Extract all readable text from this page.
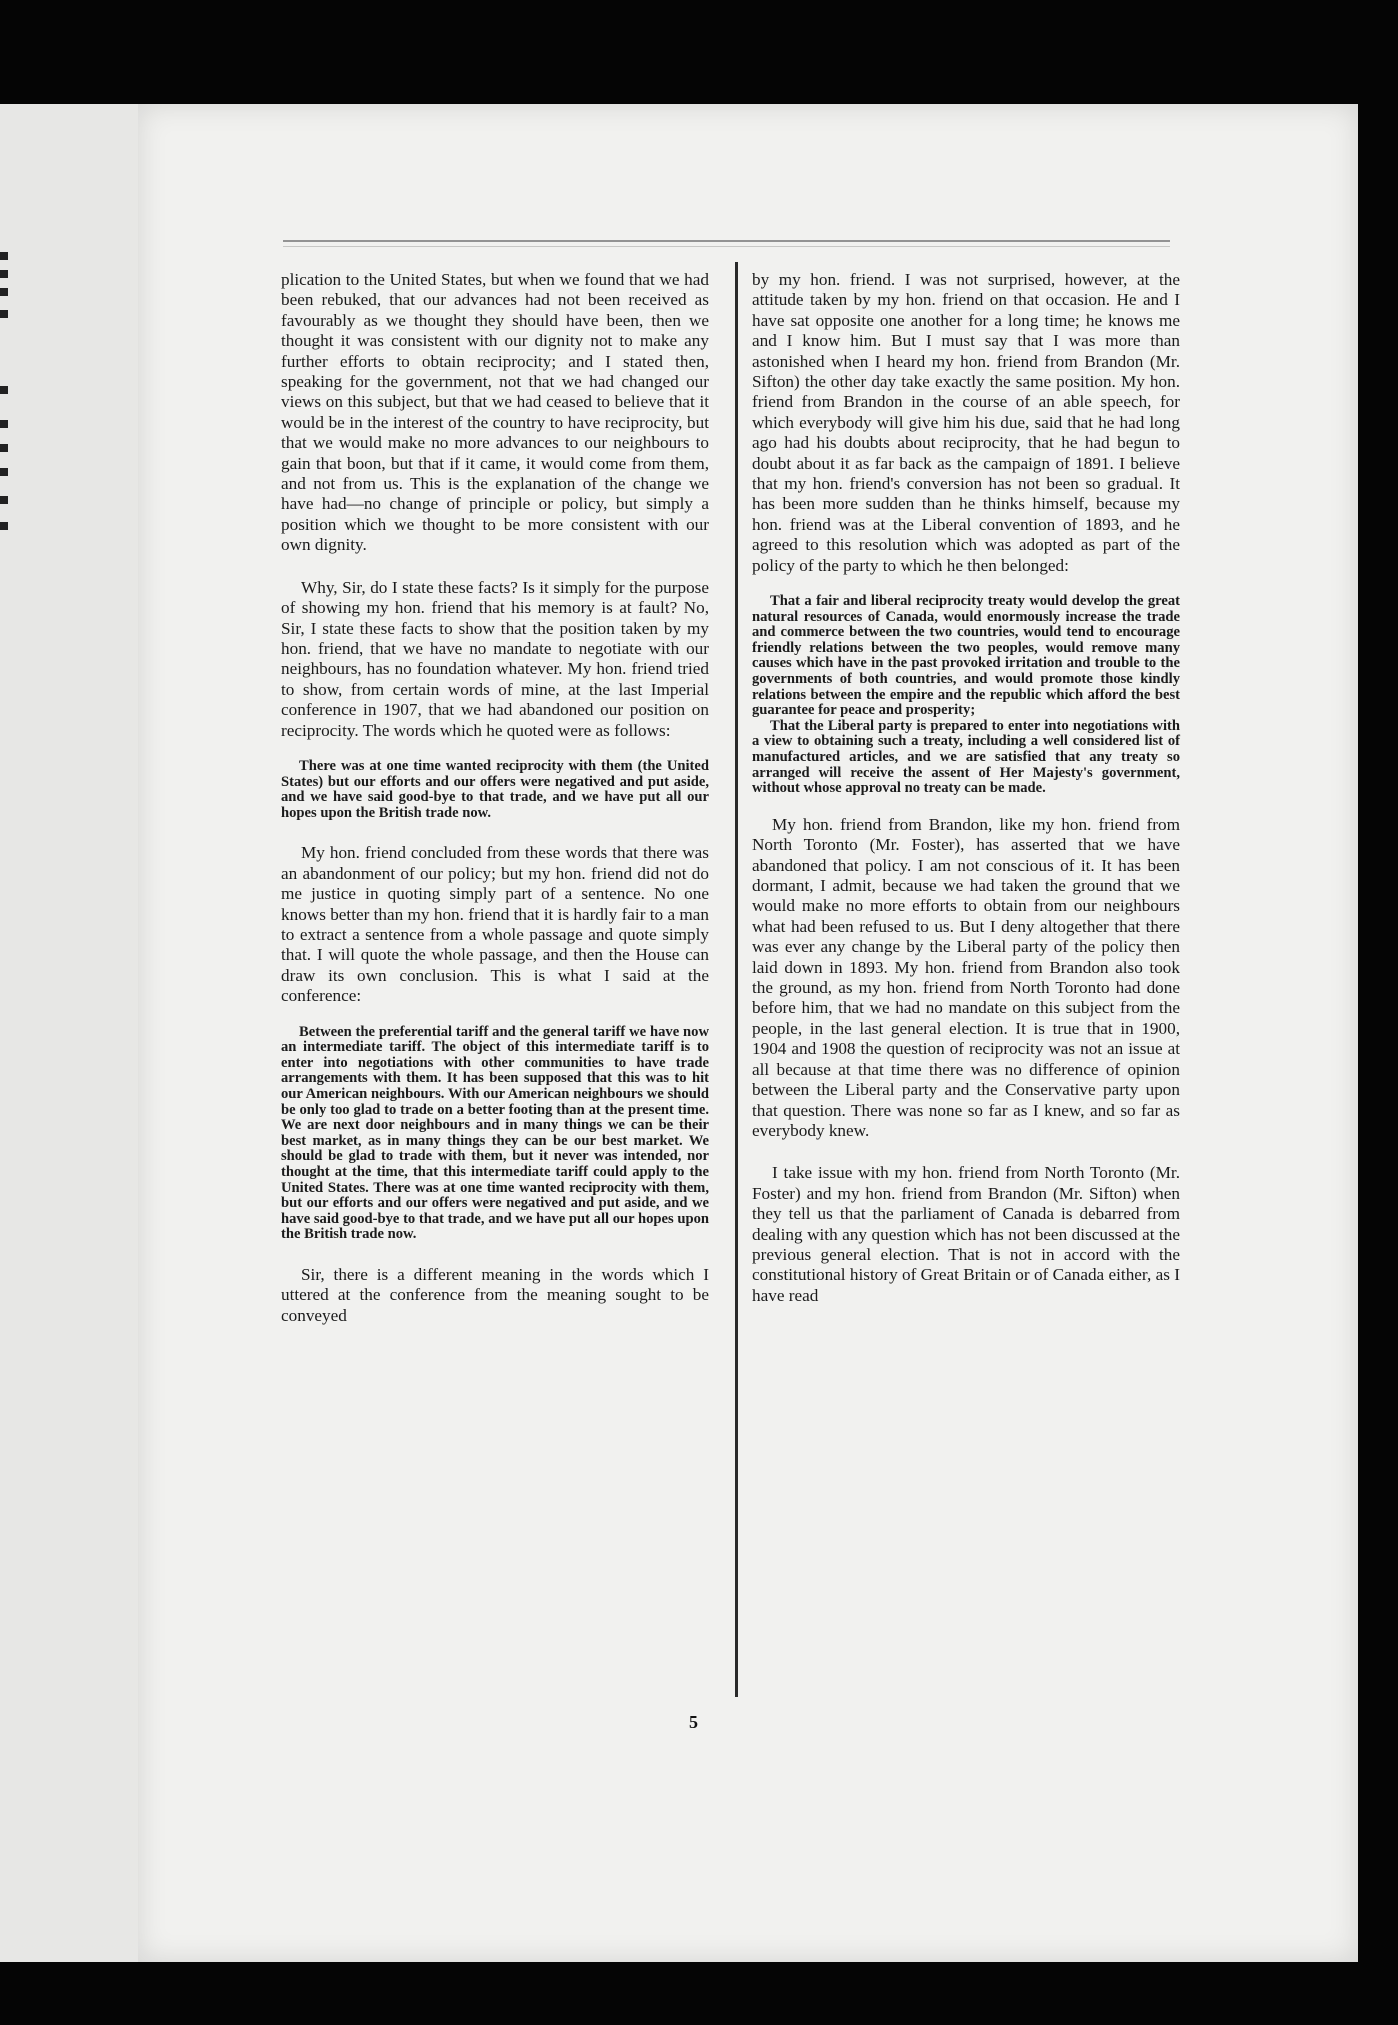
plication to the United States, but when we found that we had been rebuked, that our advances had not been received as favourably as we thought they should have been, then we thought it was consistent with our dignity not to make any further efforts to obtain reciprocity; and I stated then, speaking for the government, not that we had changed our views on this subject, but that we had ceased to believe that it would be in the interest of the country to have reciprocity, but that we would make no more advances to our neighbours to gain that boon, but that if it came, it would come from them, and not from us. This is the explanation of the change we have had—no change of principle or policy, but simply a position which we thought to be more consistent with our own dignity.

Why, Sir, do I state these facts? Is it simply for the purpose of showing my hon. friend that his memory is at fault? No, Sir, I state these facts to show that the position taken by my hon. friend, that we have no mandate to negotiate with our neighbours, has no foundation whatever. My hon. friend tried to show, from certain words of mine, at the last Imperial conference in 1907, that we had abandoned our position on reciprocity. The words which he quoted were as follows:

There was at one time wanted reciprocity with them (the United States) but our efforts and our offers were negatived and put aside, and we have said good-bye to that trade, and we have put all our hopes upon the British trade now.

My hon. friend concluded from these words that there was an abandonment of our policy; but my hon. friend did not do me justice in quoting simply part of a sentence. No one knows better than my hon. friend that it is hardly fair to a man to extract a sentence from a whole passage and quote simply that. I will quote the whole passage, and then the House can draw its own conclusion. This is what I said at the conference:

Between the preferential tariff and the general tariff we have now an intermediate tariff. The object of this intermediate tariff is to enter into negotiations with other communities to have trade arrangements with them. It has been supposed that this was to hit our American neighbours. With our American neighbours we should be only too glad to trade on a better footing than at the present time. We are next door neighbours and in many things we can be their best market, as in many things they can be our best market. We should be glad to trade with them, but it never was intended, nor thought at the time, that this intermediate tariff could apply to the United States. There was at one time wanted reciprocity with them, but our efforts and our offers were negatived and put aside, and we have said good-bye to that trade, and we have put all our hopes upon the British trade now.

Sir, there is a different meaning in the words which I uttered at the conference from the meaning sought to be conveyed

by my hon. friend. I was not surprised, however, at the attitude taken by my hon. friend on that occasion. He and I have sat opposite one another for a long time; he knows me and I know him. But I must say that I was more than astonished when I heard my hon. friend from Brandon (Mr. Sifton) the other day take exactly the same position. My hon. friend from Brandon in the course of an able speech, for which everybody will give him his due, said that he had long ago had his doubts about reciprocity, that he had begun to doubt about it as far back as the campaign of 1891. I believe that my hon. friend's conversion has not been so gradual. It has been more sudden than he thinks himself, because my hon. friend was at the Liberal convention of 1893, and he agreed to this resolution which was adopted as part of the policy of the party to which he then belonged:

That a fair and liberal reciprocity treaty would develop the great natural resources of Canada, would enormously increase the trade and commerce between the two countries, would tend to encourage friendly relations between the two peoples, would remove many causes which have in the past provoked irritation and trouble to the governments of both countries, and would promote those kindly relations between the empire and the republic which afford the best guarantee for peace and prosperity;

That the Liberal party is prepared to enter into negotiations with a view to obtaining such a treaty, including a well considered list of manufactured articles, and we are satisfied that any treaty so arranged will receive the assent of Her Majesty's government, without whose approval no treaty can be made.

My hon. friend from Brandon, like my hon. friend from North Toronto (Mr. Foster), has asserted that we have abandoned that policy. I am not conscious of it. It has been dormant, I admit, because we had taken the ground that we would make no more efforts to obtain from our neighbours what had been refused to us. But I deny altogether that there was ever any change by the Liberal party of the policy then laid down in 1893. My hon. friend from Brandon also took the ground, as my hon. friend from North Toronto had done before him, that we had no mandate on this subject from the people, in the last general election. It is true that in 1900, 1904 and 1908 the question of reciprocity was not an issue at all because at that time there was no difference of opinion between the Liberal party and the Conservative party upon that question. There was none so far as I knew, and so far as everybody knew.

I take issue with my hon. friend from North Toronto (Mr. Foster) and my hon. friend from Brandon (Mr. Sifton) when they tell us that the parliament of Canada is debarred from dealing with any question which has not been discussed at the previous general election. That is not in accord with the constitutional history of Great Britain or of Canada either, as I have read

5
